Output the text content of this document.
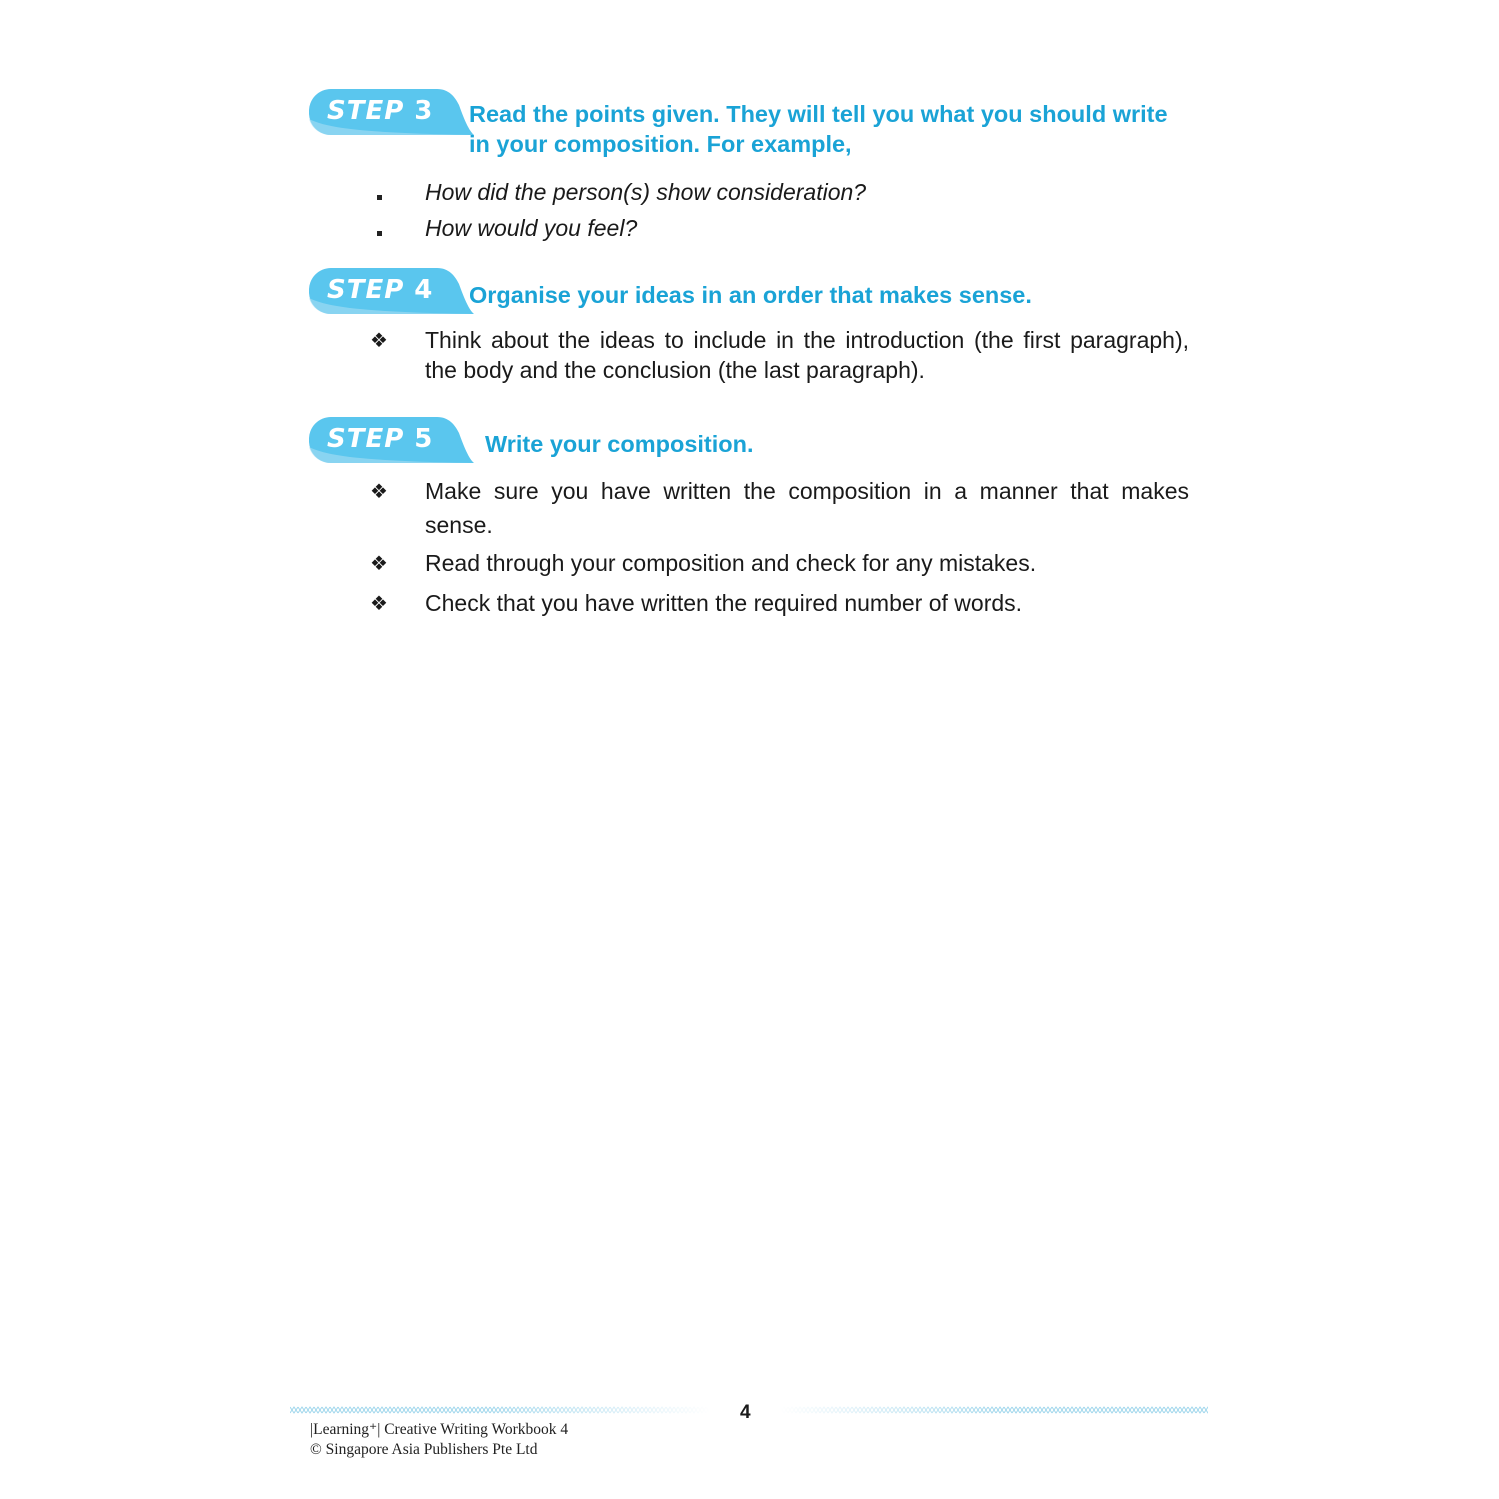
STEP 3 Read the points given. They will tell you what you should write in your composition. For example,
How did the person(s) show consideration?
How would you feel?
STEP 4 Organise your ideas in an order that makes sense.
❖ Think about the ideas to include in the introduction (the first paragraph), the body and the conclusion (the last paragraph).
STEP 5 Write your composition.
❖ Make sure you have written the composition in a manner that makes sense.
❖ Read through your composition and check for any mistakes.
❖ Check that you have written the required number of words.
4
|Learning⁺| Creative Writing Workbook 4
© Singapore Asia Publishers Pte Ltd
